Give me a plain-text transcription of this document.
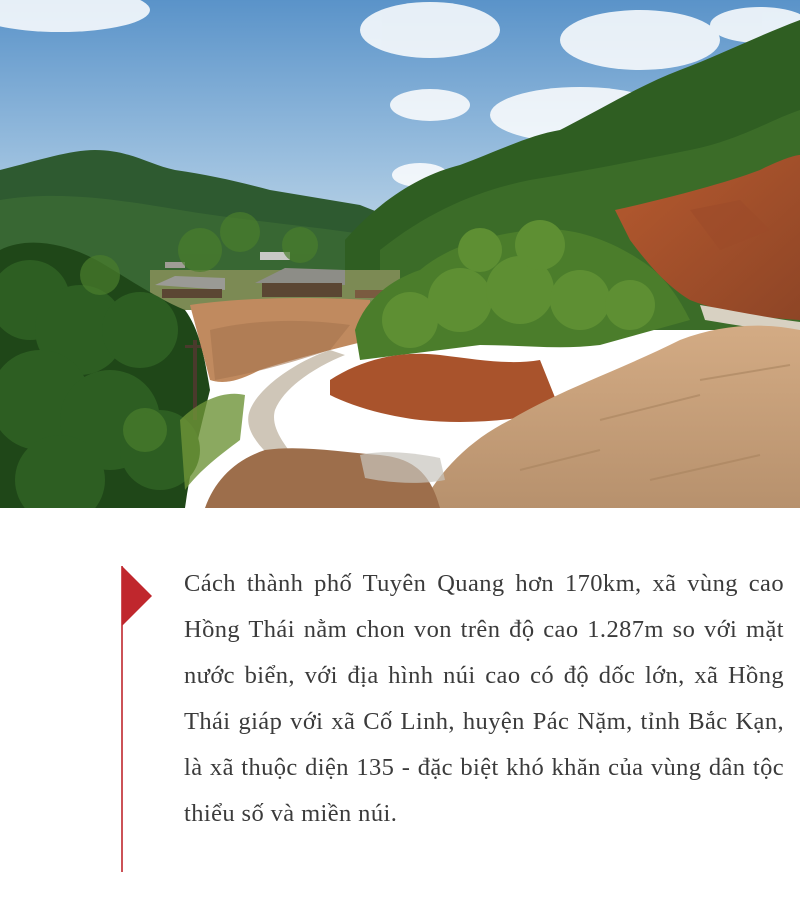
Cách thành phố Tuyên Quang hơn 170km, xã vùng cao Hồng Thái nằm chon von trên độ cao 1.287m so với mặt nước biển, với địa hình núi cao có độ dốc lớn, xã Hồng Thái giáp với xã Cố Linh, huyện Pác Nặm, tỉnh Bắc Kạn, là xã thuộc diện 135 - đặc biệt khó khăn của vùng dân tộc thiểu số và miền núi.
